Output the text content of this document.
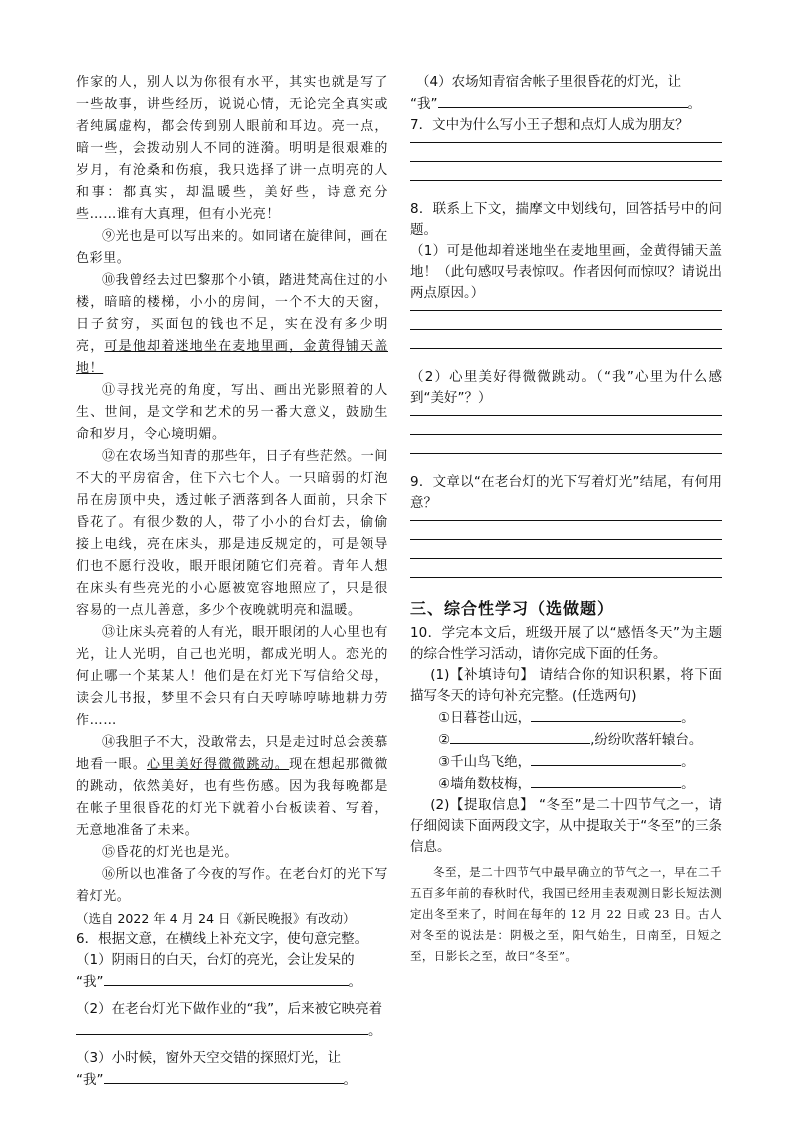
作家的人，别人以为你很有水平，其实也就是写了一些故事，讲些经历，说说心情，无论完全真实或者纯属虚构，都会传到别人眼前和耳边。亮一点，暗一些，会拨动别人不同的涟漪。明明是很艰难的岁月，有沧桑和伤痕，我只选择了讲一点明亮的人和事：都真实，却温暖些，美好些，诗意充分些……谁有大真理，但有小光亮！

⑨光也是可以写出来的。如同诸在旋律间，画在色彩里。

⑩我曾经去过巴黎那个小镇，踏进梵高住过的小楼，暗暗的楼梯，小小的房间，一个不大的天窗，日子贫穷，买面包的钱也不足，实在没有多少明亮，可是他却着迷地坐在麦地里画，金黄得铺天盖地！

⑪寻找光亮的角度，写出、画出光影照着的人生、世间，是文学和艺术的另一番大意义，鼓励生命和岁月，令心境明媚。

⑫在农场当知青的那些年，日子有些茫然。一间不大的平房宿舍，住下六七个人。一只暗弱的灯泡吊在房顶中央，透过帐子洒落到各人面前，只余下昏花了。有很少数的人，带了小小的台灯去，偷偷接上电线，亮在床头，那是违反规定的，可是领导们也不愿行没收，眼开眼闭随它们亮着。青年人想在床头有些亮光的小心愿被宽容地照应了，只是很容易的一点儿善意，多少个夜晚就明亮和温暖。

⑬让床头亮着的人有光，眼开眼闭的人心里也有光，让人光明，自己也光明，都成光明人。恋光的何止哪一个某某人！他们是在灯光下写信给父母，读会儿书报，梦里不会只有白天哼哧哼哧地耕力劳作……

⑭我胆子不大，没敢常去，只是走过时总会羡慕地看一眼。心里美好得微微跳动。现在想起那微微的跳动，依然美好，也有些伤感。因为我每晚都是在帐子里很昏花的灯光下就着小台板读着、写着，无意地准备了未来。

⑮昏花的灯光也是光。

⑯所以也准备了今夜的写作。在老台灯的光下写着灯光。

（选自 2022 年 4 月 24 日《新民晚报》有改动）

6．根据文意，在横线上补充文字，使句意完整。

（1）阴雨日的白天，台灯的亮光，会让发呆的

“我”	。

（2）在老台灯光下做作业的“我”，后来被它映亮着

。

（3）小时候，窗外天空交错的探照灯光，让

“我”	。

（4）农场知青宿舍帐子里很昏花的灯光，让

“我”	。

7．文中为什么写小王子想和点灯人成为朋友？

8．联系上下文，揣摩文中划线句，回答括号中的问题。

（1）可是他却着迷地坐在麦地里画，金黄得铺天盖地！（此句感叹号表惊叹。作者因何而惊叹？请说出两点原因。）

（2）心里美好得微微跳动。（“我”心里为什么感到“美好”？）

9．文章以“在老台灯的光下写着灯光”结尾，有何用意？

三、综合性学习（选做题）

10．学完本文后，班级开展了以“感悟冬天”为主题的综合性学习活动，请你完成下面的任务。

(1)【补填诗句】 请结合你的知识积累，将下面描写冬天的诗句补充完整。(任选两句)

①日暮苍山远，	。

②	,纷纷吹落轩辕台。

③千山鸟飞绝，	。

④墙角数枝梅，	。

(2)【提取信息】 “冬至”是二十四节气之一，请仔细阅读下面两段文字，从中提取关于“冬至”的三条信息。

冬至，是二十四节气中最早确立的节气之一，早在二千五百多年前的春秋时代，我国已经用圭表观测日影长短法测定出冬至来了，时间在每年的 12 月 22 日或 23 日。古人对冬至的说法是：阴极之至，阳气始生，日南至，日短之至，日影长之至，故曰“冬至”。
